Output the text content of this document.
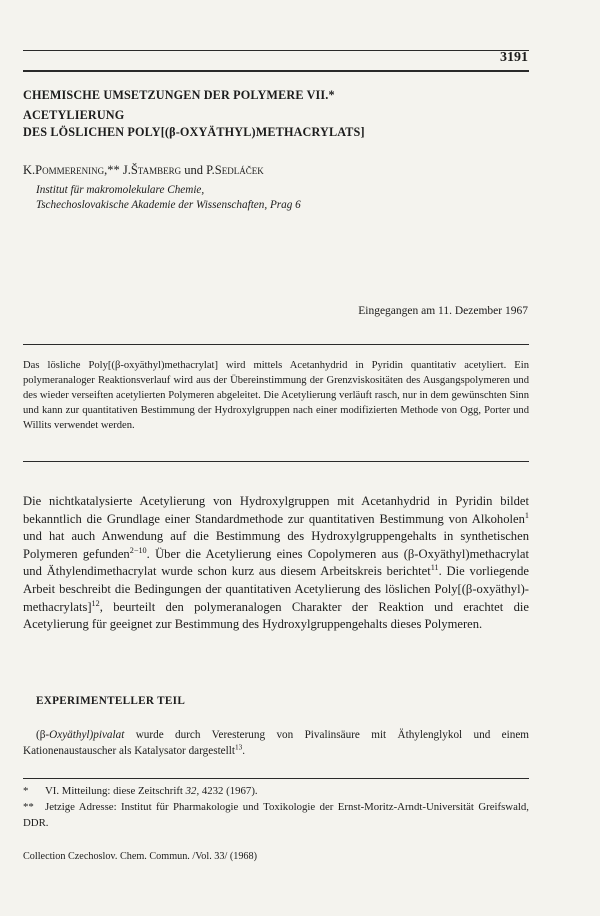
3191
CHEMISCHE UMSETZUNGEN DER POLYMERE VII.*
ACETYLIERUNG
DES LÖSLICHEN POLY[(β-OXYÄTHYL)METHACRYLATS]
K.Pommerening,** J.Štamberg und P.Sedláček
Institut für makromolekulare Chemie,
Tschechoslovakische Akademie der Wissenschaften, Prag 6
Eingegangen am 11. Dezember 1967
Das lösliche Poly[(β-oxyäthyl)methacrylat] wird mittels Acetanhydrid in Pyridin quantitativ acetyliert. Ein polymeranaloger Reaktionsverlauf wird aus der Übereinstimmung der Grenzviskositäten des Ausgangspolymeren und des wieder verseiften acetylierten Polymeren abgeleitet. Die Acetylierung verläuft rasch, nur in dem gewünschten Sinn und kann zur quantitativen Bestimmung der Hydroxylgruppen nach einer modifizierten Methode von Ogg, Porter und Willits verwendet werden.
Die nichtkatalysierte Acetylierung von Hydroxylgruppen mit Acetanhydrid in Pyridin bildet bekanntlich die Grundlage einer Standardmethode zur quantitativen Bestimmung von Alkoholen$^1$ und hat auch Anwendung auf die Bestimmung des Hydroxylgruppengehalts in synthetischen Polymeren gefunden$^{2-10}$. Über die Acetylierung eines Copolymeren aus (β-Oxyäthyl)methacrylat und Äthylendimethacrylat wurde schon kurz aus diesem Arbeitskreis berichtet$^{11}$. Die vorliegende Arbeit beschreibt die Bedingungen der quantitativen Acetylierung des löslichen Poly[(β-oxyäthyl)-methacrylats]$^{12}$, beurteilt den polymeranalogen Charakter der Reaktion und erachtet die Acetylierung für geeignet zur Bestimmung des Hydroxylgruppengehalts dieses Polymeren.
EXPERIMENTELLER TEIL
(β-Oxyäthyl)pivalat wurde durch Veresterung von Pivalinsäure mit Äthylenglykol und einem Kationenaustauscher als Katalysator dargestellt$^{13}$.
* VI. Mitteilung: diese Zeitschrift 32, 4232 (1967).
** Jetzige Adresse: Institut für Pharmakologie und Toxikologie der Ernst-Moritz-Arndt-Universität Greifswald, DDR.
Collection Czechoslov. Chem. Commun. /Vol. 33/ (1968)
